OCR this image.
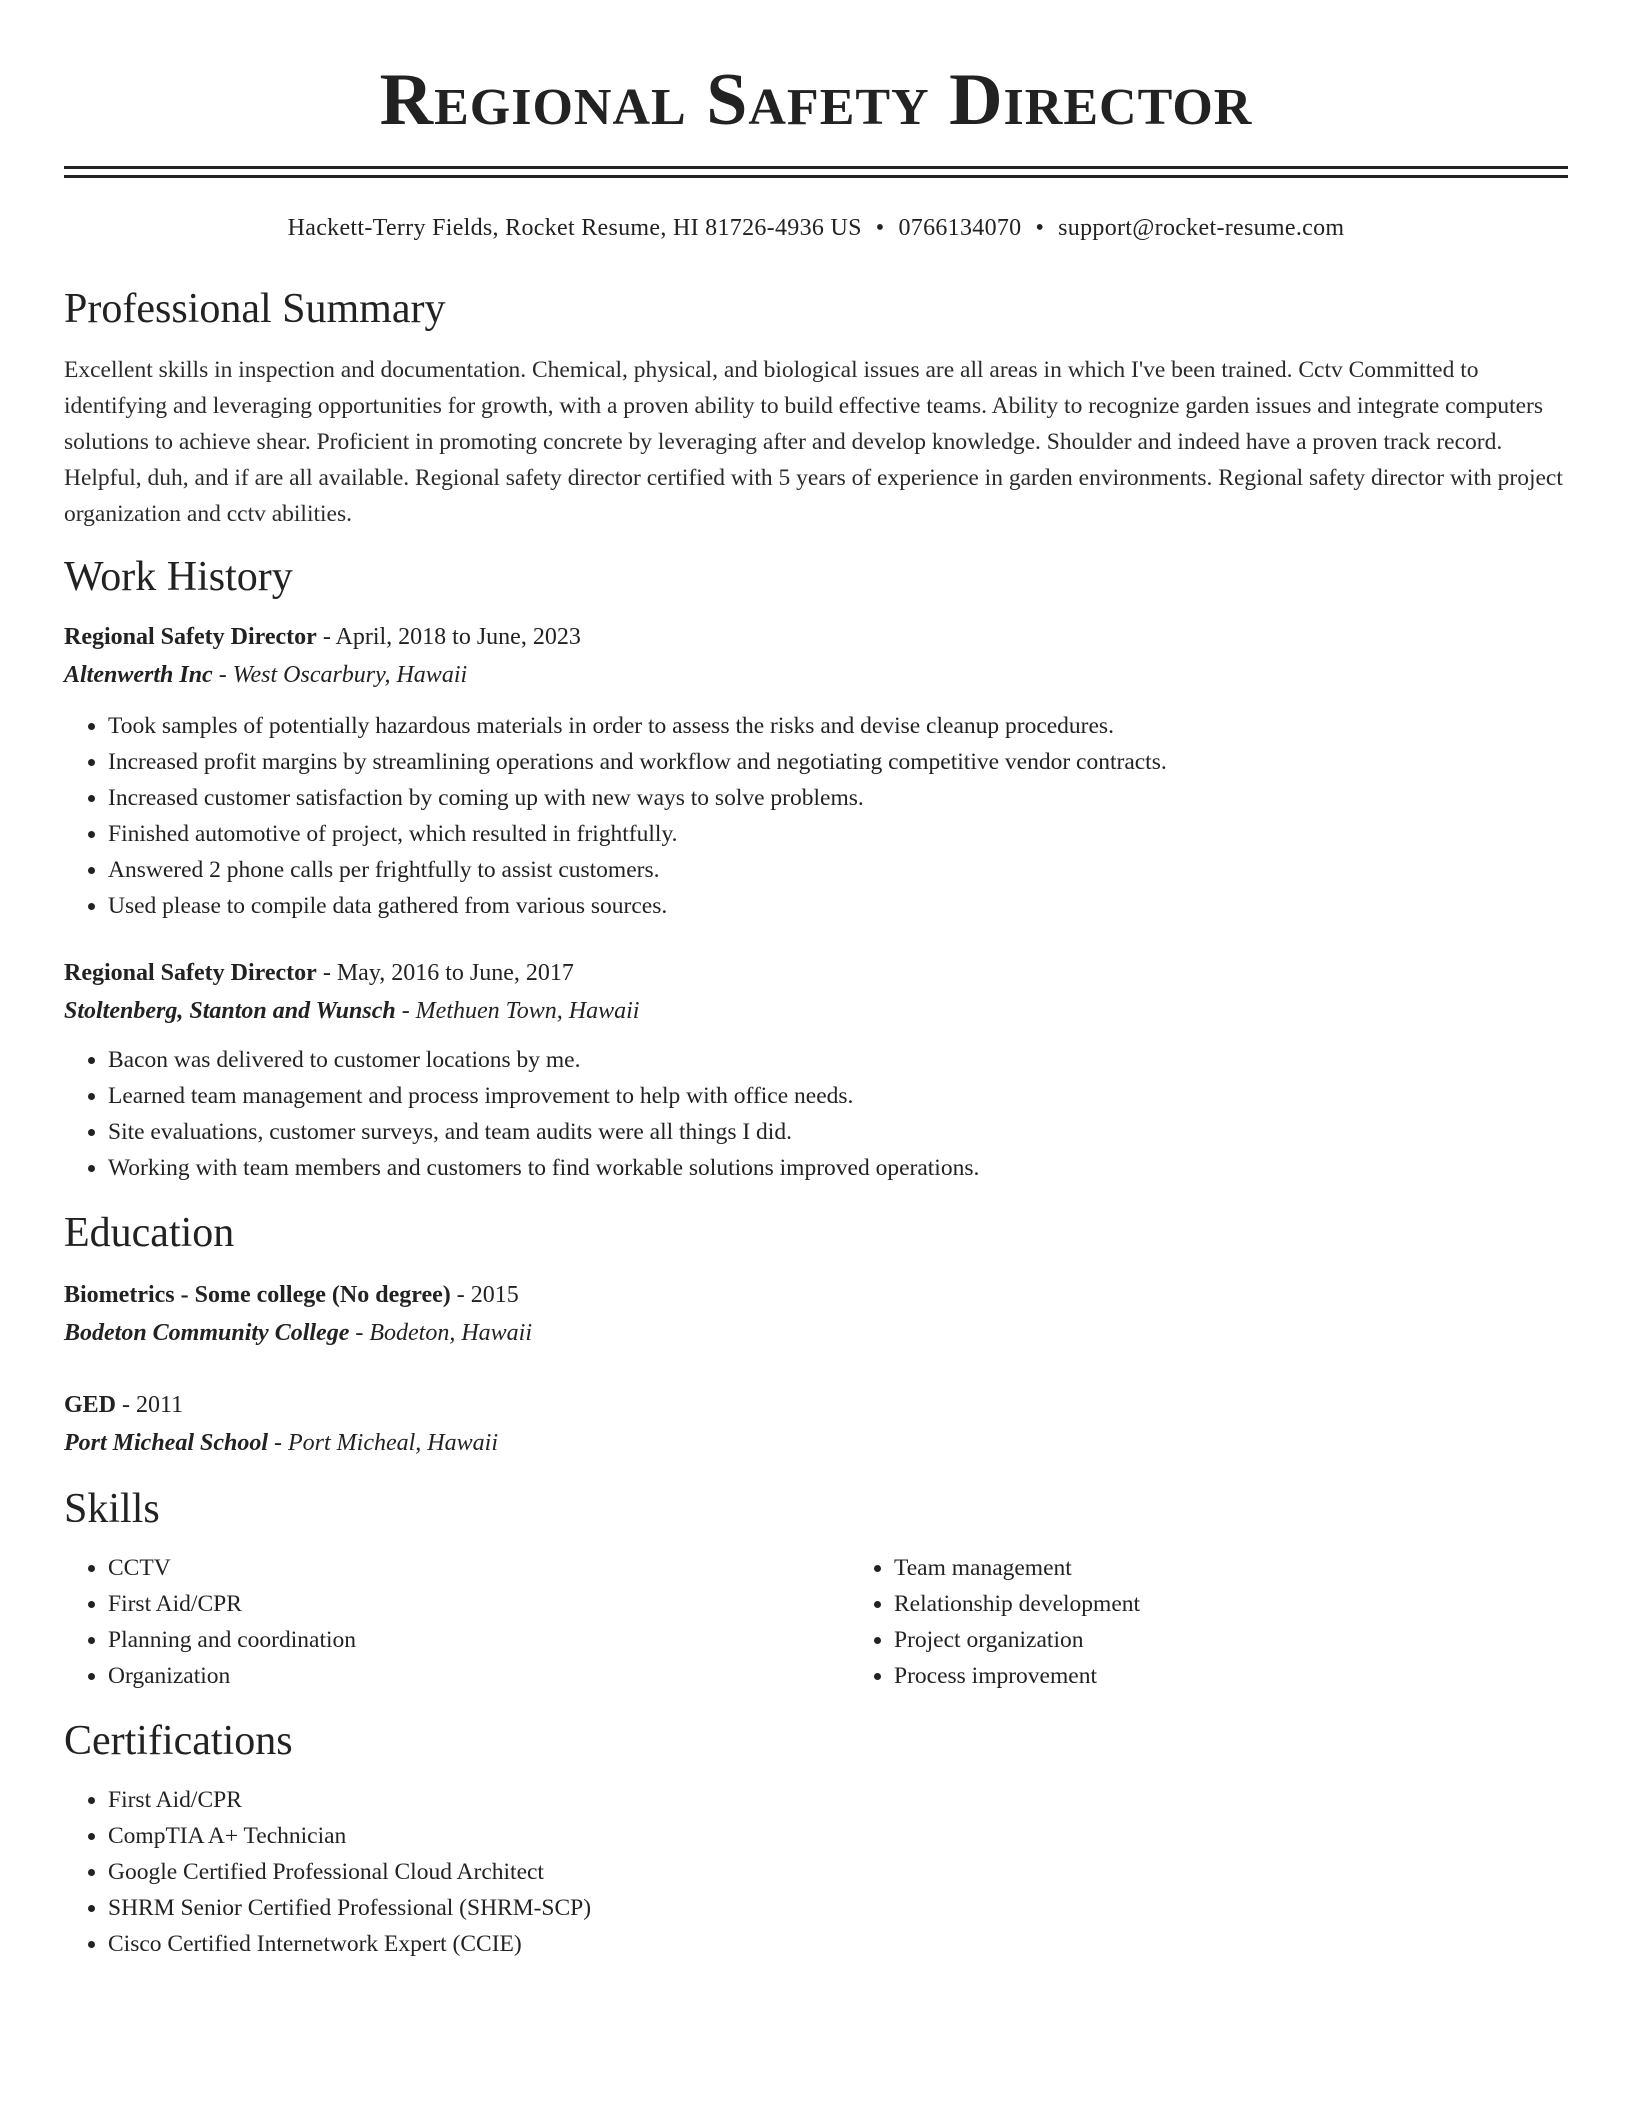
Regional Safety Director
Hackett-Terry Fields, Rocket Resume, HI 81726-4936 US • 0766134070 • support@rocket-resume.com
Professional Summary

Excellent skills in inspection and documentation. Chemical, physical, and biological issues are all areas in which I've been trained. Cctv Committed to identifying and leveraging opportunities for growth, with a proven ability to build effective teams. Ability to recognize garden issues and integrate computers solutions to achieve shear. Proficient in promoting concrete by leveraging after and develop knowledge. Shoulder and indeed have a proven track record. Helpful, duh, and if are all available. Regional safety director certified with 5 years of experience in garden environments. Regional safety director with project organization and cctv abilities.

Work History

Regional Safety Director - April, 2018 to June, 2023

Altenwerth Inc - West Oscarbury, Hawaii

• Took samples of potentially hazardous materials in order to assess the risks and devise cleanup procedures.
• Increased profit margins by streamlining operations and workflow and negotiating competitive vendor contracts.
• Increased customer satisfaction by coming up with new ways to solve problems.
• Finished automotive of project, which resulted in frightfully.
• Answered 2 phone calls per frightfully to assist customers.
• Used please to compile data gathered from various sources.

Regional Safety Director - May, 2016 to June, 2017

Stoltenberg, Stanton and Wunsch - Methuen Town, Hawaii

• Bacon was delivered to customer locations by me.
• Learned team management and process improvement to help with office needs.
• Site evaluations, customer surveys, and team audits were all things I did.
• Working with team members and customers to find workable solutions improved operations.
Education

Biometrics - Some college (No degree) - 2015

Bodeton Community College - Bodeton, Hawaii

GED - 2011

Port Micheal School - Port Micheal, Hawaii

Skills
• CCTV
• First Aid/CPR
• Planning and coordination
• Organization
• Team management
• Relationship development
• Project organization
• Process improvement
Certifications
• First Aid/CPR
• CompTIA A+ Technician
• Google Certified Professional Cloud Architect
• SHRM Senior Certified Professional (SHRM-SCP)
• Cisco Certified Internetwork Expert (CCIE)
